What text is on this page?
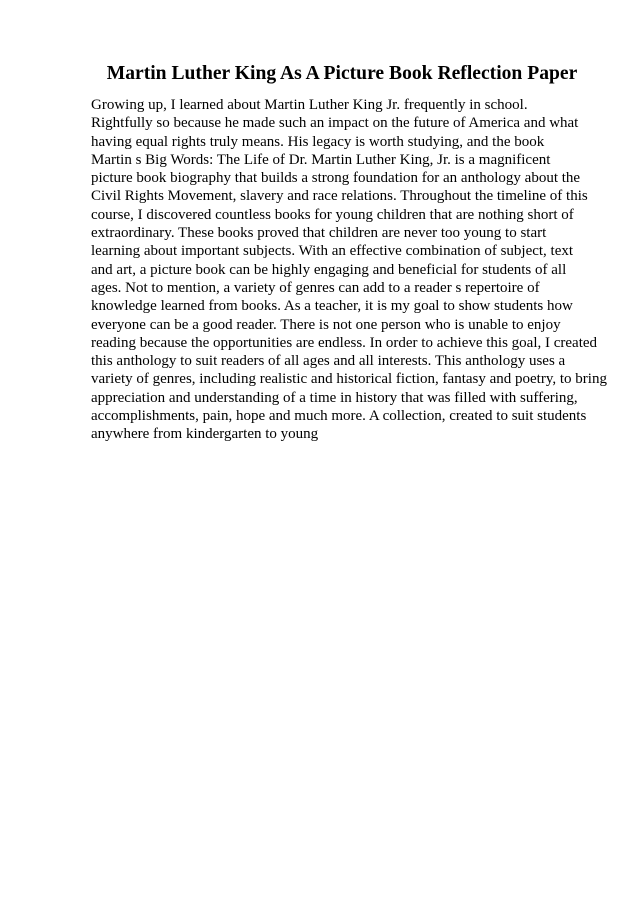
Martin Luther King As A Picture Book Reflection Paper
Growing up, I learned about Martin Luther King Jr. frequently in school.
Rightfully so because he made such an impact on the future of America and what
having equal rights truly means. His legacy is worth studying, and the book
Martin s Big Words: The Life of Dr. Martin Luther King, Jr. is a magnificent
picture book biography that builds a strong foundation for an anthology about the
Civil Rights Movement, slavery and race relations. Throughout the timeline of this
course, I discovered countless books for young children that are nothing short of
extraordinary. These books proved that children are never too young to start
learning about important subjects. With an effective combination of subject, text
and art, a picture book can be highly engaging and beneficial for students of all
ages. Not to mention, a variety of genres can add to a reader s repertoire of
knowledge learned from books. As a teacher, it is my goal to show students how
everyone can be a good reader. There is not one person who is unable to enjoy
reading because the opportunities are endless. In order to achieve this goal, I created
this anthology to suit readers of all ages and all interests. This anthology uses a
variety of genres, including realistic and historical fiction, fantasy and poetry, to bring
appreciation and understanding of a time in history that was filled with suffering,
accomplishments, pain, hope and much more. A collection, created to suit students
anywhere from kindergarten to young
